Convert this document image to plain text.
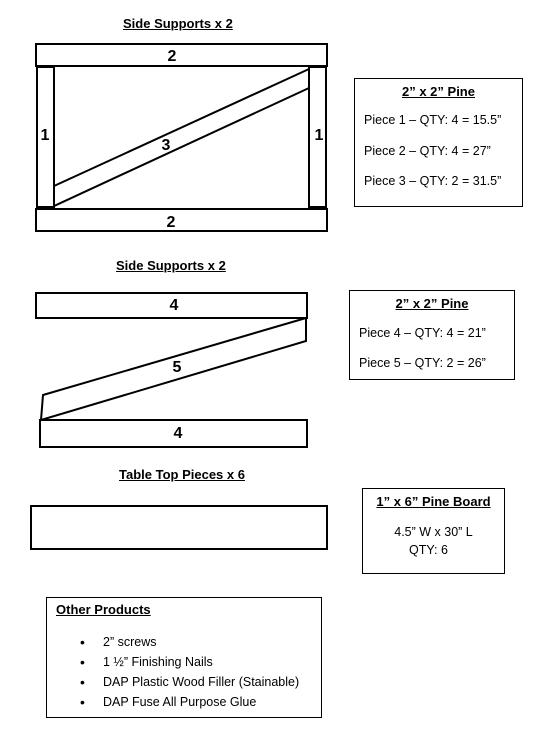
Side Supports x 2
2
1	1
3
2
4
5
4
2” x 2” Pine
Piece 1 – QTY: 4 = 15.5”
Piece 2 – QTY: 4 = 27”
Piece 3 – QTY: 2 = 31.5”
Side Supports x 2
2” x 2” Pine
Piece 4 – QTY: 4 = 21”
Piece 5 – QTY: 2 = 26”
Table Top Pieces x 6
1” x 6” Pine Board
4.5” W x 30” L
QTY: 6
Other Products
• 2” screws
• 1 ½” Finishing Nails
• DAP Plastic Wood Filler (Stainable)
• DAP Fuse All Purpose Glue
